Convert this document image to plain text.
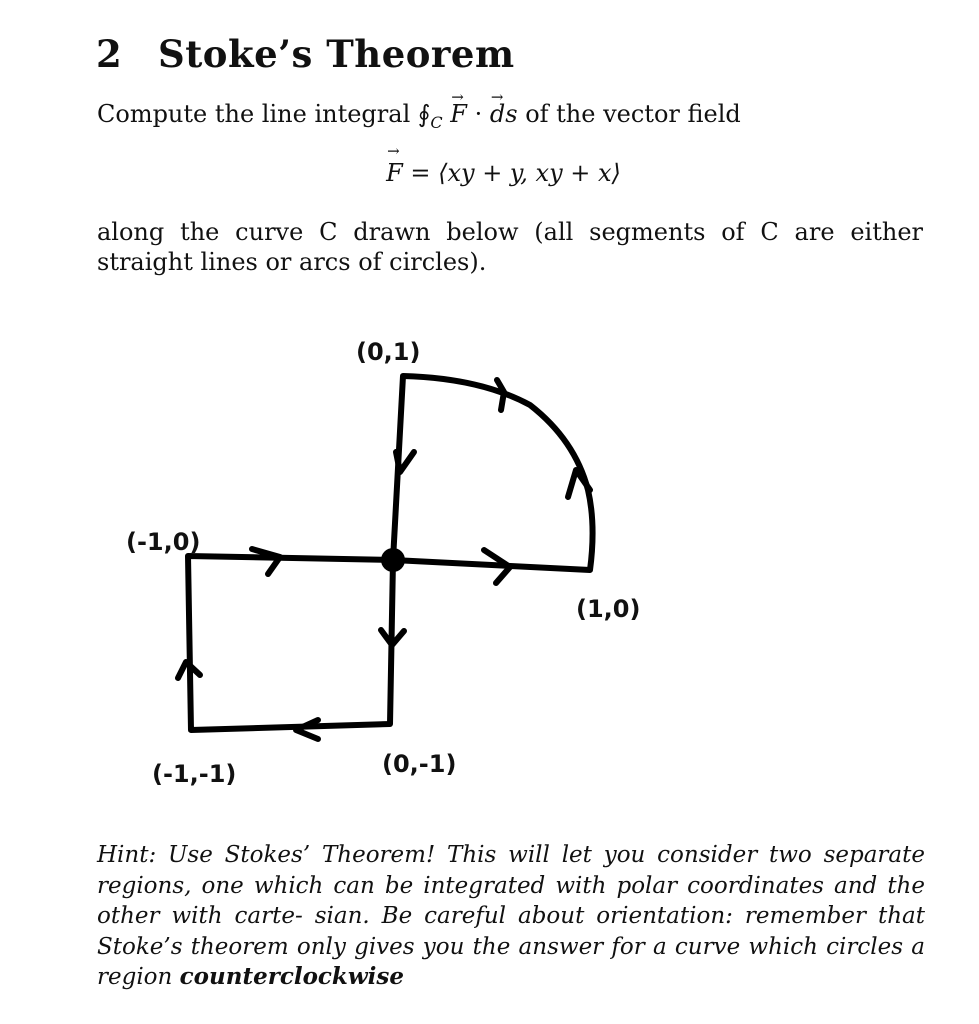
2 Stoke’s Theorem
Compute the line integral $∮_C \to F$ · → ds of the vector field
→ F = ⟨xy + y, xy + x⟩
along the curve C drawn below (all segments of C are either straight lines or arcs of circles).
(0,1)
(-1,0)
(1,0)
(-1,-1)	(0,-1)
Hint: Use Stokes’ Theorem! This will let you consider two separate regions, one which can be integrated with polar coordinates and the other with carte- sian. Be careful about orientation: remember that Stoke’s theorem only gives you the answer for a curve which circles a region counterclockwise
